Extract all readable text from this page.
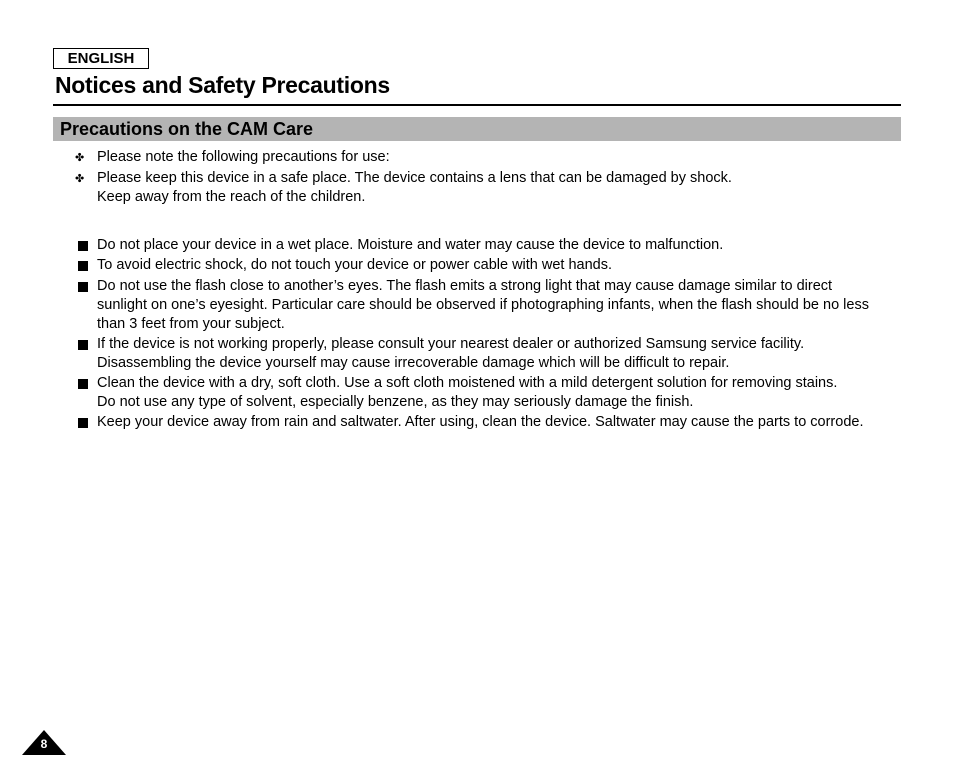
ENGLISH
Notices and Safety Precautions
Precautions on the CAM Care
✤ Please note the following precautions for use:
✤ Please keep this device in a safe place. The device contains a lens that can be damaged by shock.
Keep away from the reach of the children.
Do not place your device in a wet place. Moisture and water may cause the device to malfunction.
To avoid electric shock, do not touch your device or power cable with wet hands.
Do not use the flash close to another’s eyes. The flash emits a strong light that may cause damage similar to direct
sunlight on one’s eyesight. Particular care should be observed if photographing infants, when the flash should be no less
than 3 feet from your subject.
If the device is not working properly, please consult your nearest dealer or authorized Samsung service facility.
Disassembling the device yourself may cause irrecoverable damage which will be difficult to repair.
Clean the device with a dry, soft cloth. Use a soft cloth moistened with a mild detergent solution for removing stains.
Do not use any type of solvent, especially benzene, as they may seriously damage the finish.
Keep your device away from rain and saltwater. After using, clean the device. Saltwater may cause the parts to corrode.
8
